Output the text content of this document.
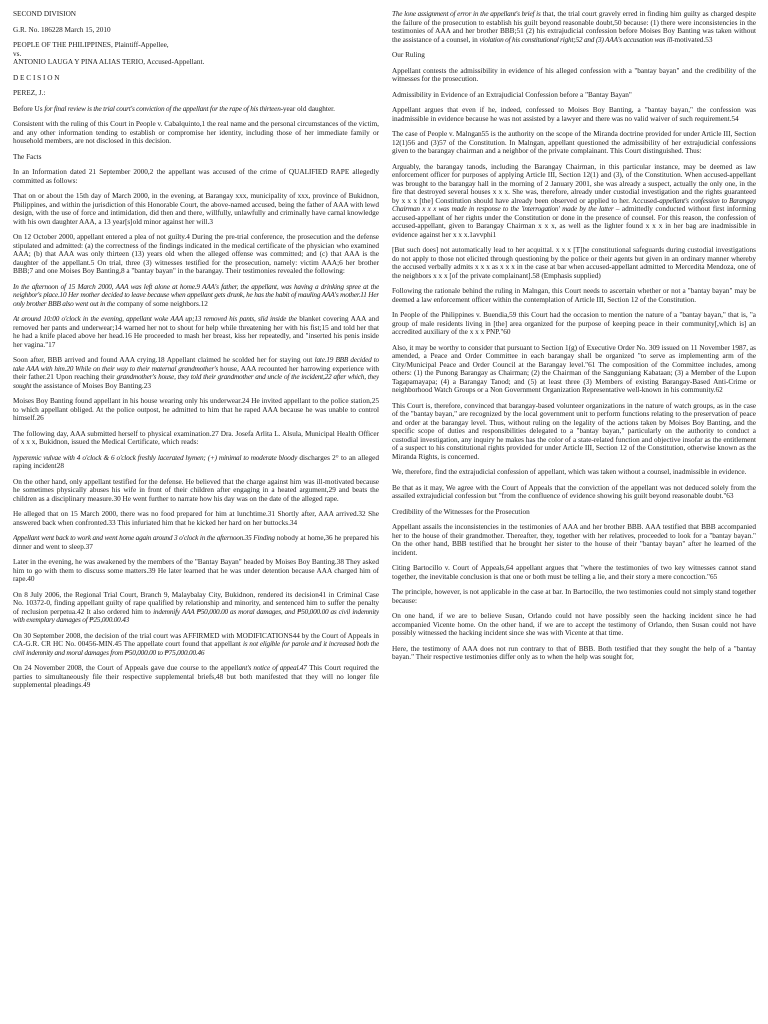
SECOND DIVISION

G.R. No. 186228 March 15, 2010

PEOPLE OF THE PHILIPPINES, Plaintiff-Appellee,
vs.
ANTONIO LAUGA Y PINA ALIAS TERIO, Accused-Appellant.

D E C I S I O N

PEREZ, J.:

Before Us for final review is the trial court's conviction of the appellant for the rape of his thirteen-year old daughter.

Consistent with the ruling of this Court in People v. Cabalquinto,1 the real name and the personal circumstances of the victim, and any other information tending to establish or compromise her identity, including those of her immediate family or household members, are not disclosed in this decision.

The Facts

In an Information dated 21 September 2000,2 the appellant was accused of the crime of QUALIFIED RAPE allegedly committed as follows:

That on or about the 15th day of March 2000, in the evening, at Barangay xxx, municipality of xxx, province of Bukidnon, Philippines, and within the jurisdiction of this Honorable Court, the above-named accused, being the father of AAA with lewd design, with the use of force and intimidation, did then and there, willfully, unlawfully and criminally have carnal knowledge with his own daughter AAA, a 13 year[s]old minor against her will.3

On 12 October 2000, appellant entered a plea of not guilty.4 During the pre-trial conference, the prosecution and the defense stipulated and admitted: (a) the correctness of the findings indicated in the medical certificate of the physician who examined AAA; (b) that AAA was only thirteen (13) years old when the alleged offense was committed; and (c) that AAA is the daughter of the appellant.5 On trial, three (3) witnesses testified for the prosecution, namely: victim AAA;6 her brother BBB;7 and one Moises Boy Banting,8 a "bantay bayan" in the barangay. Their testimonies revealed the following:

In the afternoon of 15 March 2000, AAA was left alone at home.9 AAA's father, the appellant, was having a drinking spree at the neighbor's place.10 Her mother decided to leave because when appellant gets drunk, he has the habit of mauling AAA's mother.11 Her only brother BBB also went out in the company of some neighbors.12

At around 10:00 o'clock in the evening, appellant woke AAA up;13 removed his pants, slid inside the blanket covering AAA and removed her pants and underwear;14 warned her not to shout for help while threatening her with his fist;15 and told her that he had a knife placed above her head.16 He proceeded to mash her breast, kiss her repeatedly, and "inserted his penis inside her vagina."17

Soon after, BBB arrived and found AAA crying.18 Appellant claimed he scolded her for staying out late.19 BBB decided to take AAA with him.20 While on their way to their maternal grandmother's house, AAA recounted her harrowing experience with their father.21 Upon reaching their grandmother's house, they told their grandmother and uncle of the incident,22 after which, they sought the assistance of Moises Boy Banting.23

Moises Boy Banting found appellant in his house wearing only his underwear.24 He invited appellant to the police station,25 to which appellant obliged. At the police outpost, he admitted to him that he raped AAA because he was unable to control himself.26

The following day, AAA submitted herself to physical examination.27 Dra. Josefa Arlita L. Alsula, Municipal Health Officer of x x x, Bukidnon, issued the Medical Certificate, which reads:

hyperemic vulvae with 4 o'clock & 6 o'clock freshly lacerated hymen; (+) minimal to moderate bloody discharges 2° to an alleged raping incident28

On the other hand, only appellant testified for the defense. He believed that the charge against him was ill-motivated because he sometimes physically abuses his wife in front of their children after engaging in a heated argument,29 and beats the children as a disciplinary measure.30 He went further to narrate how his day was on the date of the alleged rape.

He alleged that on 15 March 2000, there was no food prepared for him at lunchtime.31 Shortly after, AAA arrived.32 She answered back when confronted.33 This infuriated him that he kicked her hard on her buttocks.34

Appellant went back to work and went home again around 3 o'clock in the afternoon.35 Finding nobody at home,36 he prepared his dinner and went to sleep.37

Later in the evening, he was awakened by the members of the "Bantay Bayan" headed by Moises Boy Banting.38 They asked him to go with them to discuss some matters.39 He later learned that he was under detention because AAA charged him of rape.40

On 8 July 2006, the Regional Trial Court, Branch 9, Malaybalay City, Bukidnon, rendered its decision41 in Criminal Case No. 10372-0, finding appellant guilty of rape qualified by relationship and minority, and sentenced him to suffer the penalty of reclusion perpetua.42 It also ordered him to indemnify AAA ₱50,000.00 as moral damages, and ₱50,000.00 as civil indemnity with exemplary damages of ₱25,000.00.43

On 30 September 2008, the decision of the trial court was AFFIRMED with MODIFICATIONS44 by the Court of Appeals in CA-G.R. CR HC No. 00456-MIN.45 The appellate court found that appellant is not eligible for parole and it increased both the civil indemnity and moral damages from ₱50,000.00 to ₱75,000.00.46

On 24 November 2008, the Court of Appeals gave due course to the appellant's notice of appeal.47 This Court required the parties to simultaneously file their respective supplemental briefs,48 but both manifested that they will no longer file supplemental pleadings.49

The lone assignment of error in the appellant's brief is that, the trial court gravely erred in finding him guilty as charged despite the failure of the prosecution to establish his guilt beyond reasonable doubt,50 because: (1) there were inconsistencies in the testimonies of AAA and her brother BBB;51 (2) his extrajudicial confession before Moises Boy Banting was taken without the assistance of a counsel, in violation of his constitutional right;52 and (3) AAA's accusation was ill-motivated.53

Our Ruling

Appellant contests the admissibility in evidence of his alleged confession with a "bantay bayan" and the credibility of the witnesses for the prosecution.

Admissibility in Evidence of an Extrajudicial Confession before a "Bantay Bayan"

Appellant argues that even if he, indeed, confessed to Moises Boy Banting, a "bantay bayan," the confession was inadmissible in evidence because he was not assisted by a lawyer and there was no valid waiver of such requirement.54

The case of People v. Malngan55 is the authority on the scope of the Miranda doctrine provided for under Article III, Section 12(1)56 and (3)57 of the Constitution. In Malngan, appellant questioned the admissibility of her extrajudicial confessions given to the barangay chairman and a neighbor of the private complainant. This Court distinguished. Thus:

Arguably, the barangay tanods, including the Barangay Chairman, in this particular instance, may be deemed as law enforcement officer for purposes of applying Article III, Section 12(1) and (3), of the Constitution. When accused-appellant was brought to the barangay hall in the morning of 2 January 2001, she was already a suspect, actually the only one, in the fire that destroyed several houses x x x. She was, therefore, already under custodial investigation and the rights guaranteed by x x x [the] Constitution should have already been observed or applied to her. Accused-appellant's confession to Barangay Chairman x x x was made in response to the 'interrogation' made by the latter – admittedly conducted without first informing accused-appellant of her rights under the Constitution or done in the presence of counsel. For this reason, the confession of accused-appellant, given to Barangay Chairman x x x, as well as the lighter found x x x in her bag are inadmissible in evidence against her x x x.1avvphi1

[But such does] not automatically lead to her acquittal. x x x [T]he constitutional safeguards during custodial investigations do not apply to those not elicited through questioning by the police or their agents but given in an ordinary manner whereby the accused verbally admits x x x as x x x in the case at bar when accused-appellant admitted to Mercedita Mendoza, one of the neighbors x x x [of the private complainant].58 (Emphasis supplied)

Following the rationale behind the ruling in Malngan, this Court needs to ascertain whether or not a "bantay bayan" may be deemed a law enforcement officer within the contemplation of Article III, Section 12 of the Constitution.

In People of the Philippines v. Buendia,59 this Court had the occasion to mention the nature of a "bantay bayan," that is, "a group of male residents living in [the] area organized for the purpose of keeping peace in their community[,which is] an accredited auxiliary of the x x x PNP."60

Also, it may be worthy to consider that pursuant to Section 1(g) of Executive Order No. 309 issued on 11 November 1987, as amended, a Peace and Order Committee in each barangay shall be organized "to serve as implementing arm of the City/Municipal Peace and Order Council at the Barangay level."61 The composition of the Committee includes, among others: (1) the Punong Barangay as Chairman; (2) the Chairman of the Sangguniang Kabataan; (3) a Member of the Lupon Tagapamayapa; (4) a Barangay Tanod; and (5) at least three (3) Members of existing Barangay-Based Anti-Crime or neighborhood Watch Groups or a Non Government Organization Representative well-known in his community.62

This Court is, therefore, convinced that barangay-based volunteer organizations in the nature of watch groups, as in the case of the "bantay bayan," are recognized by the local government unit to perform functions relating to the preservation of peace and order at the barangay level. Thus, without ruling on the legality of the actions taken by Moises Boy Banting, and the specific scope of duties and responsibilities delegated to a "bantay bayan," particularly on the authority to conduct a custodial investigation, any inquiry he makes has the color of a state-related function and objective insofar as the entitlement of a suspect to his constitutional rights provided for under Article III, Section 12 of the Constitution, otherwise known as the Miranda Rights, is concerned.

We, therefore, find the extrajudicial confession of appellant, which was taken without a counsel, inadmissible in evidence.

Be that as it may, We agree with the Court of Appeals that the conviction of the appellant was not deduced solely from the assailed extrajudicial confession but "from the confluence of evidence showing his guilt beyond reasonable doubt."63

Credibility of the Witnesses for the Prosecution

Appellant assails the inconsistencies in the testimonies of AAA and her brother BBB. AAA testified that BBB accompanied her to the house of their grandmother. Thereafter, they, together with her relatives, proceeded to look for a "bantay bayan." On the other hand, BBB testified that he brought her sister to the house of their "bantay bayan" after he learned of the incident.

Citing Bartocillo v. Court of Appeals,64 appellant argues that "where the testimonies of two key witnesses cannot stand together, the inevitable conclusion is that one or both must be telling a lie, and their story a mere concoction."65

The principle, however, is not applicable in the case at bar. In Bartocillo, the two testimonies could not simply stand together because:

On one hand, if we are to believe Susan, Orlando could not have possibly seen the hacking incident since he had accompanied Vicente home. On the other hand, if we are to accept the testimony of Orlando, then Susan could not have possibly witnessed the hacking incident since she was with Vicente at that time.

Here, the testimony of AAA does not run contrary to that of BBB. Both testified that they sought the help of a "bantay bayan." Their respective testimonies differ only as to when the help was sought for,
